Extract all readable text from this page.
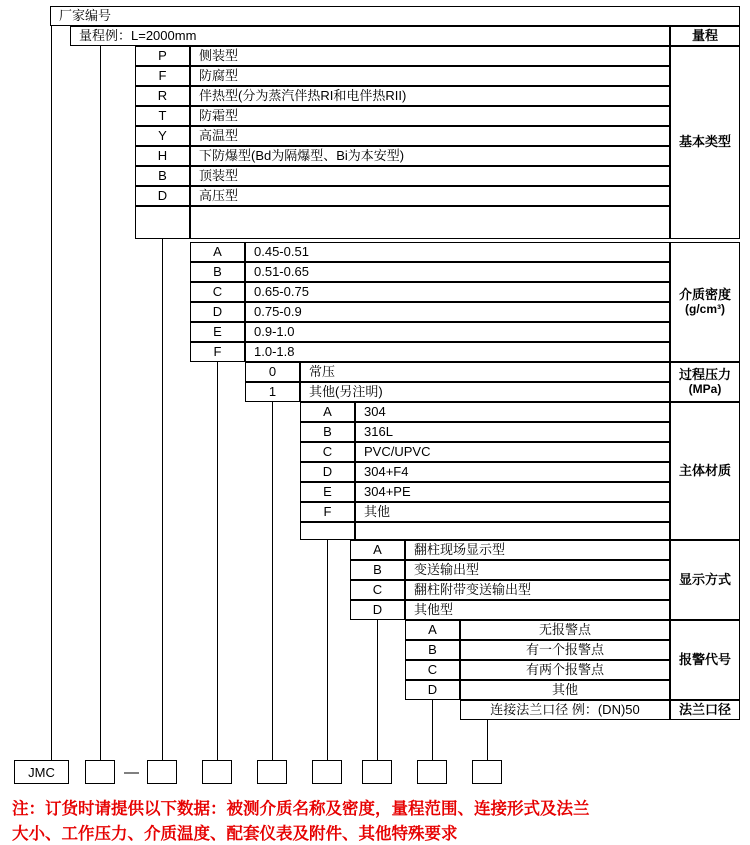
厂家编号
量程例：L=2000mm	量程
P 侧装型
F	防腐型
R 伴热型(分为蒸汽伴热RI和电伴热RII)
T	防霜型
Y 高温型
H 下防爆型(Bd为隔爆型、Bi为本安型)
B 顶装型
D 高压型
基本类型
A 0.45-0.51
B 0.51-0.65
C 0.65-0.75
D 0.75-0.9
E 0.9-1.0
F	1.0-1.8
介质密度
(g/cm³)
0	常压
1	其他(另注明)
过程压力
(MPa)
A 304
B 316L
C PVC/UPVC
D 304+F4
E 304+PE
F	其他
主体材质
A 翻柱现场显示型
B 变送输出型
C 翻柱附带变送输出型
D 其他型
显示方式
A	无报警点
B	有一个报警点
C	有两个报警点
D	其他
报警代号
连接法兰口径 例：(DN)50	法兰口径
JMC	—
注：订货时请提供以下数据：被测介质名称及密度，量程范围、连接形式及法兰
大小、工作压力、介质温度、配套仪表及附件、其他特殊要求
